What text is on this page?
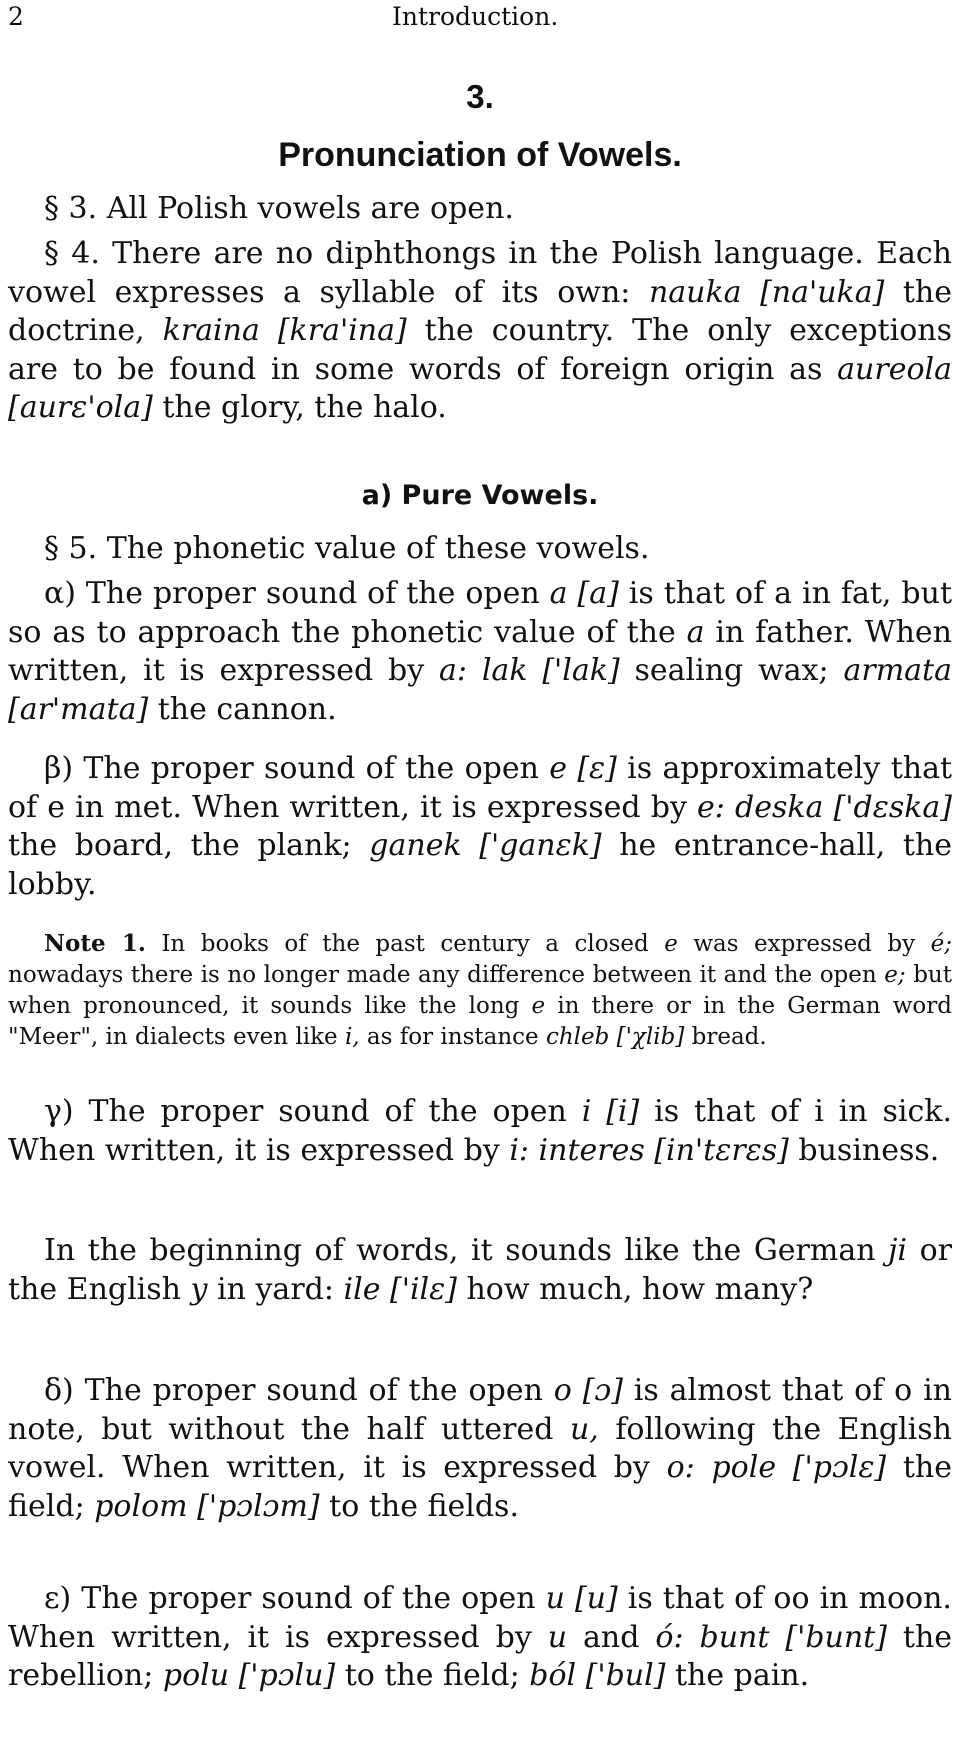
2	Introduction.
3.
Pronunciation of Vowels.

§ 3. All Polish vowels are open.

§ 4. There are no diphthongs in the Polish language. Each vowel expresses a syllable of its own: nauka [na'uka] the doctrine, kraina [kra'ina] the country. The only exceptions are to be found in some words of foreign origin as aureola [aurɛ'ola] the glory, the halo.

a) Pure Vowels.

§ 5. The phonetic value of these vowels.

α) The proper sound of the open a [a] is that of a in fat, but so as to approach the phonetic value of the a in father. When written, it is expressed by a: lak ['lak] sealing wax; armata [ar'mata] the cannon.

β) The proper sound of the open e [ɛ] is approximately that of e in met. When written, it is expressed by e: deska ['dɛska] the board, the plank; ganek ['ganɛk] he entrance-hall, the lobby.

Note 1. In books of the past century a closed e was expressed by é; nowadays there is no longer made any difference between it and the open e; but when pronounced, it sounds like the long e in there or in the German word "Meer", in dialects even like i, as for instance chleb ['χlib] bread.

γ) The proper sound of the open i [i] is that of i in sick. When written, it is expressed by i: interes [in'tɛrɛs] business.

In the beginning of words, it sounds like the German ji or the English y in yard: ile ['ilɛ] how much, how many?

δ) The proper sound of the open o [ɔ] is almost that of o in note, but without the half uttered u, following the English vowel. When written, it is expressed by o: pole ['pɔlɛ] the field; polom ['pɔlɔm] to the fields.

ε) The proper sound of the open u [u] is that of oo in moon. When written, it is expressed by u and ó: bunt ['bunt] the rebellion; polu ['pɔlu] to the field; ból ['bul] the pain.
